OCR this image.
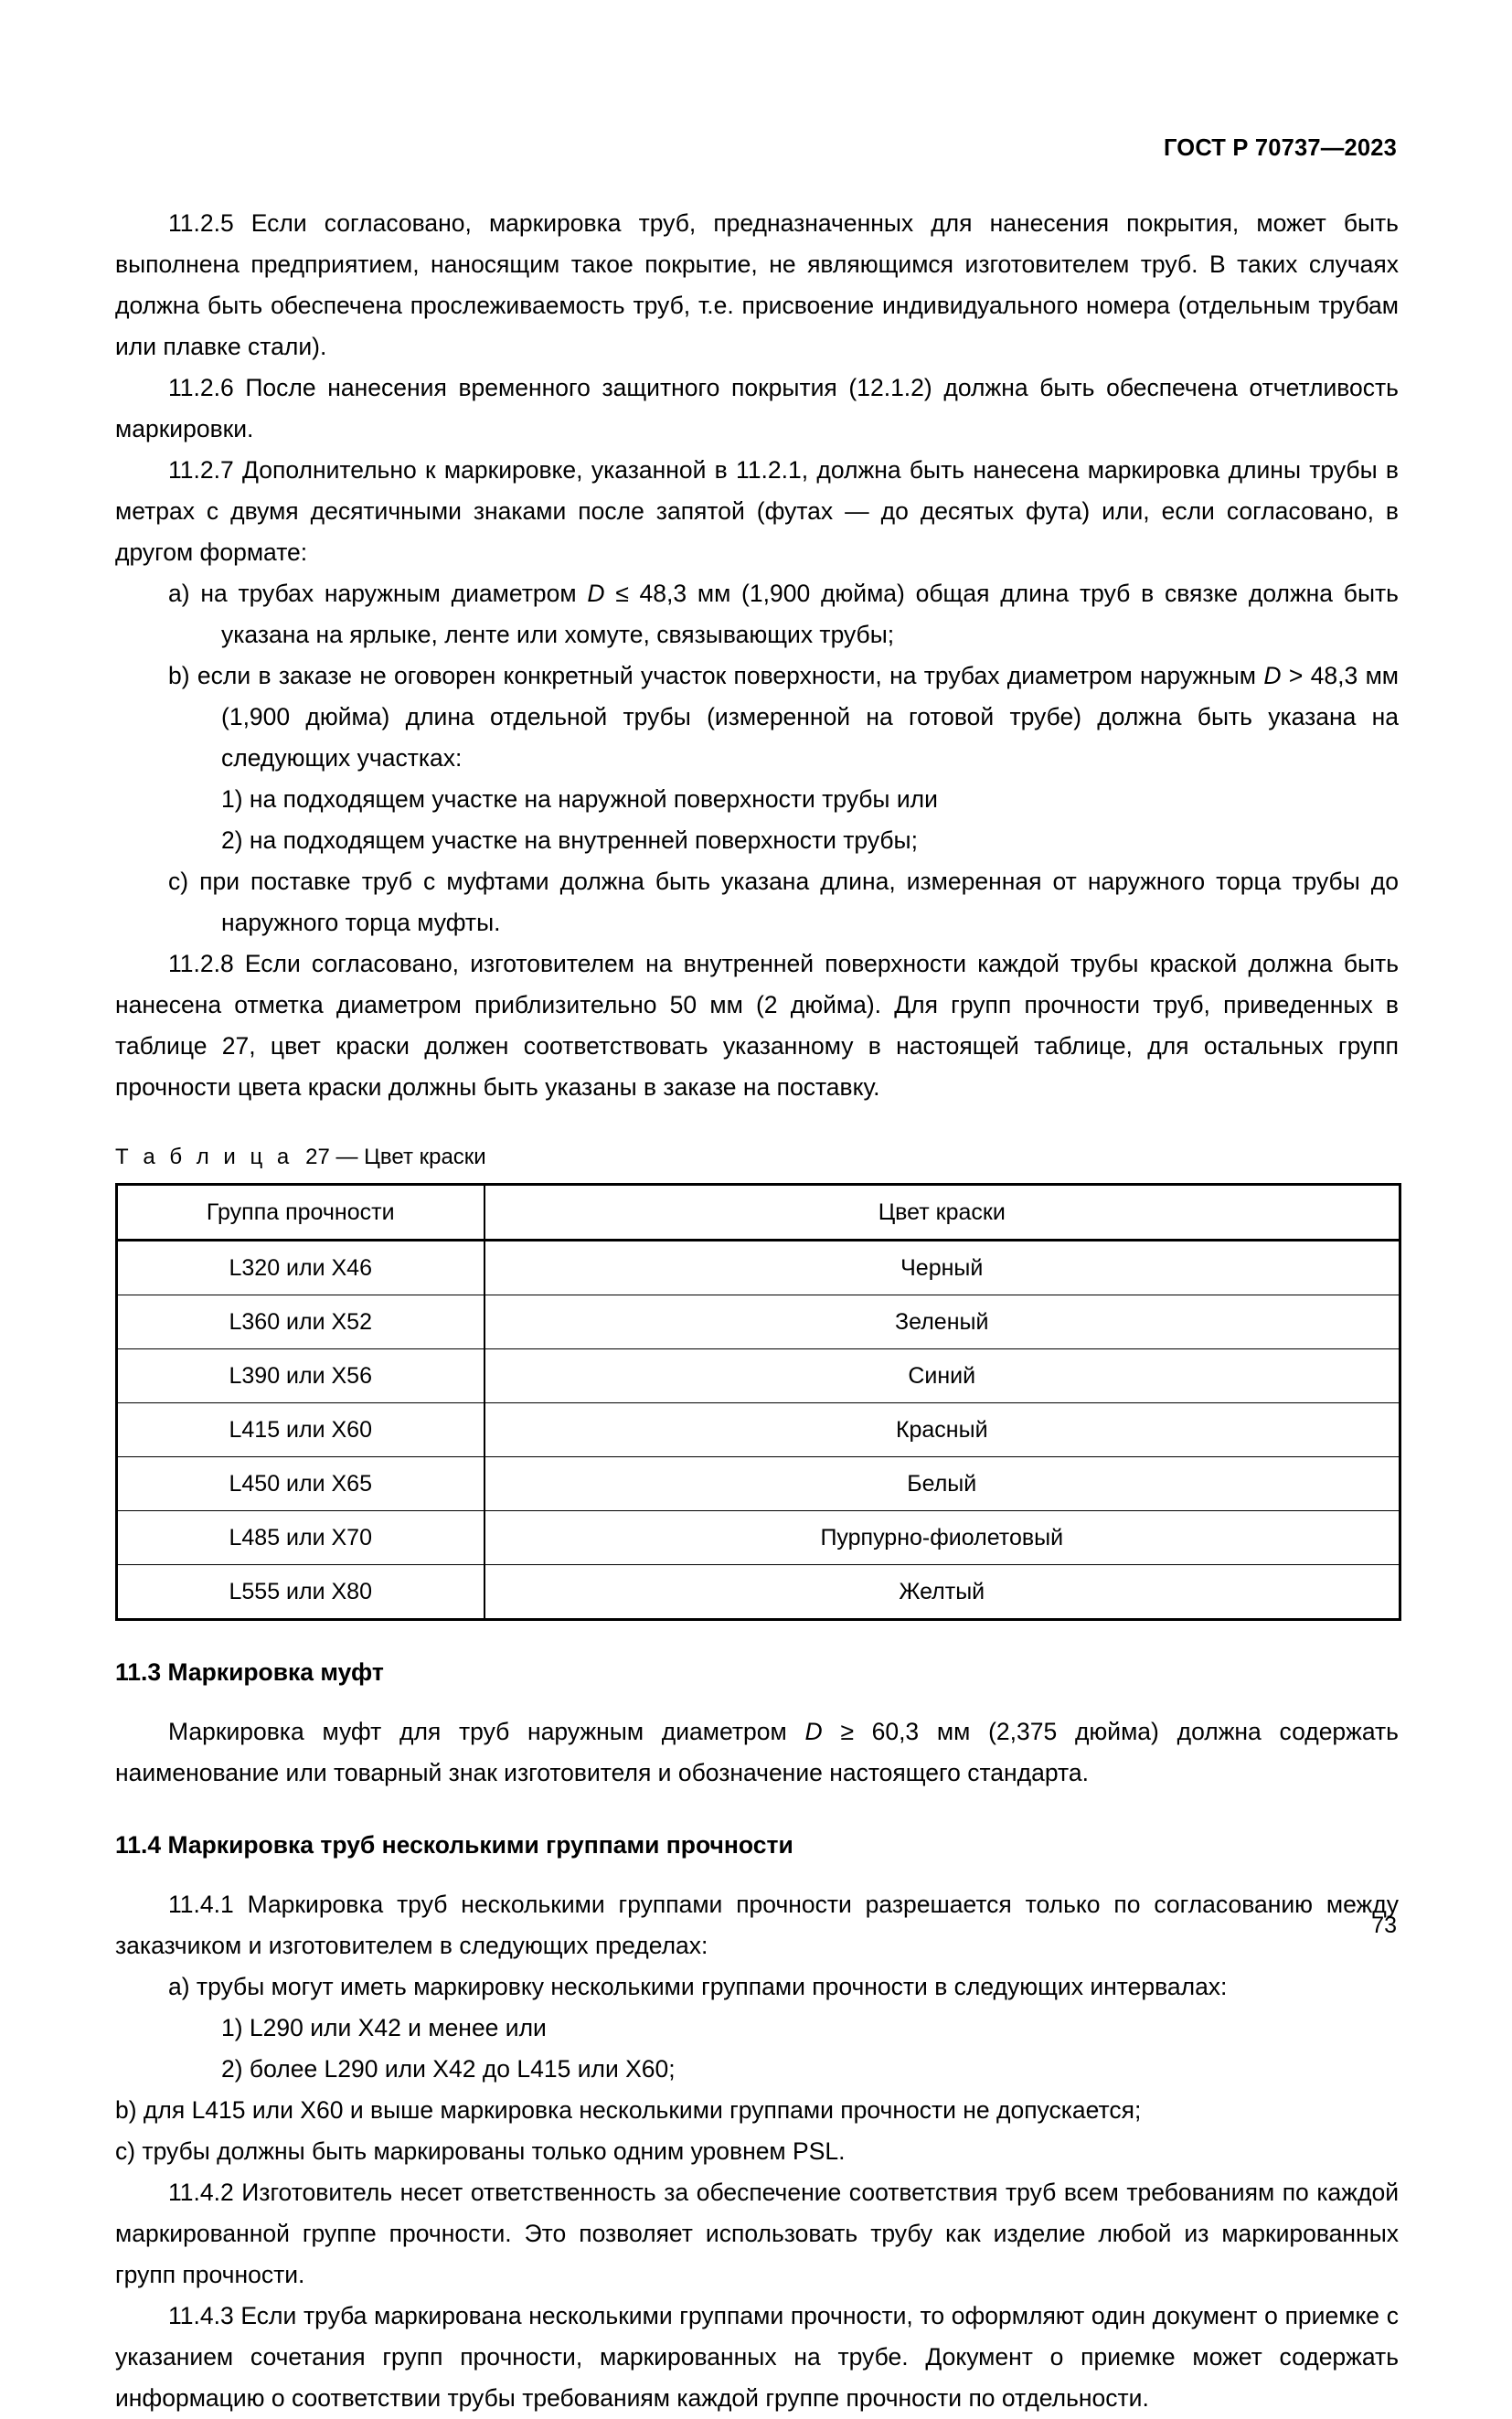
ГОСТ Р 70737—2023

11.2.5 Если согласовано, маркировка труб, предназначенных для нанесения покрытия, может быть выполнена предприятием, наносящим такое покрытие, не являющимся изготовителем труб. В таких случаях должна быть обеспечена прослеживаемость труб, т.е. присвоение индивидуального номера (отдельным трубам или плавке стали).

11.2.6 После нанесения временного защитного покрытия (12.1.2) должна быть обеспечена отчетливость маркировки.

11.2.7 Дополнительно к маркировке, указанной в 11.2.1, должна быть нанесена маркировка длины трубы в метрах с двумя десятичными знаками после запятой (футах — до десятых фута) или, если согласовано, в другом формате:

a) на трубах наружным диаметром D ≤ 48,3 мм (1,900 дюйма) общая длина труб в связке должна быть указана на ярлыке, ленте или хомуте, связывающих трубы;

b) если в заказе не оговорен конкретный участок поверхности, на трубах диаметром наружным D > 48,3 мм (1,900 дюйма) длина отдельной трубы (измеренной на готовой трубе) должна быть указана на следующих участках:

1) на подходящем участке на наружной поверхности трубы или

2) на подходящем участке на внутренней поверхности трубы;

c) при поставке труб с муфтами должна быть указана длина, измеренная от наружного торца трубы до наружного торца муфты.

11.2.8 Если согласовано, изготовителем на внутренней поверхности каждой трубы краской должна быть нанесена отметка диаметром приблизительно 50 мм (2 дюйма). Для групп прочности труб, приведенных в таблице 27, цвет краски должен соответствовать указанному в настоящей таблице, для остальных групп прочности цвета краски должны быть указаны в заказе на поставку.

Т а б л и ц а 27 — Цвет краски

Группа прочности	Цвет краски
L320 или X46	Черный
L360 или X52	Зеленый
L390 или X56	Синий
L415 или X60	Красный
L450 или X65	Белый
L485 или X70	Пурпурно-фиолетовый
L555 или X80	Желтый
11.3 Маркировка муфт

Маркировка муфт для труб наружным диаметром D ≥ 60,3 мм (2,375 дюйма) должна содержать наименование или товарный знак изготовителя и обозначение настоящего стандарта.

11.4 Маркировка труб несколькими группами прочности

11.4.1 Маркировка труб несколькими группами прочности разрешается только по согласованию между заказчиком и изготовителем в следующих пределах:

a) трубы могут иметь маркировку несколькими группами прочности в следующих интервалах:

1) L290 или X42 и менее или

2) более L290 или X42 до L415 или X60;

b) для L415 или X60 и выше маркировка несколькими группами прочности не допускается;

c) трубы должны быть маркированы только одним уровнем PSL.

11.4.2 Изготовитель несет ответственность за обеспечение соответствия труб всем требованиям по каждой маркированной группе прочности. Это позволяет использовать трубу как изделие любой из маркированных групп прочности.

11.4.3 Если труба маркирована несколькими группами прочности, то оформляют один документ о приемке с указанием сочетания групп прочности, маркированных на трубе. Документ о приемке может содержать информацию о соответствии трубы требованиям каждой группе прочности по отдельности.

73
